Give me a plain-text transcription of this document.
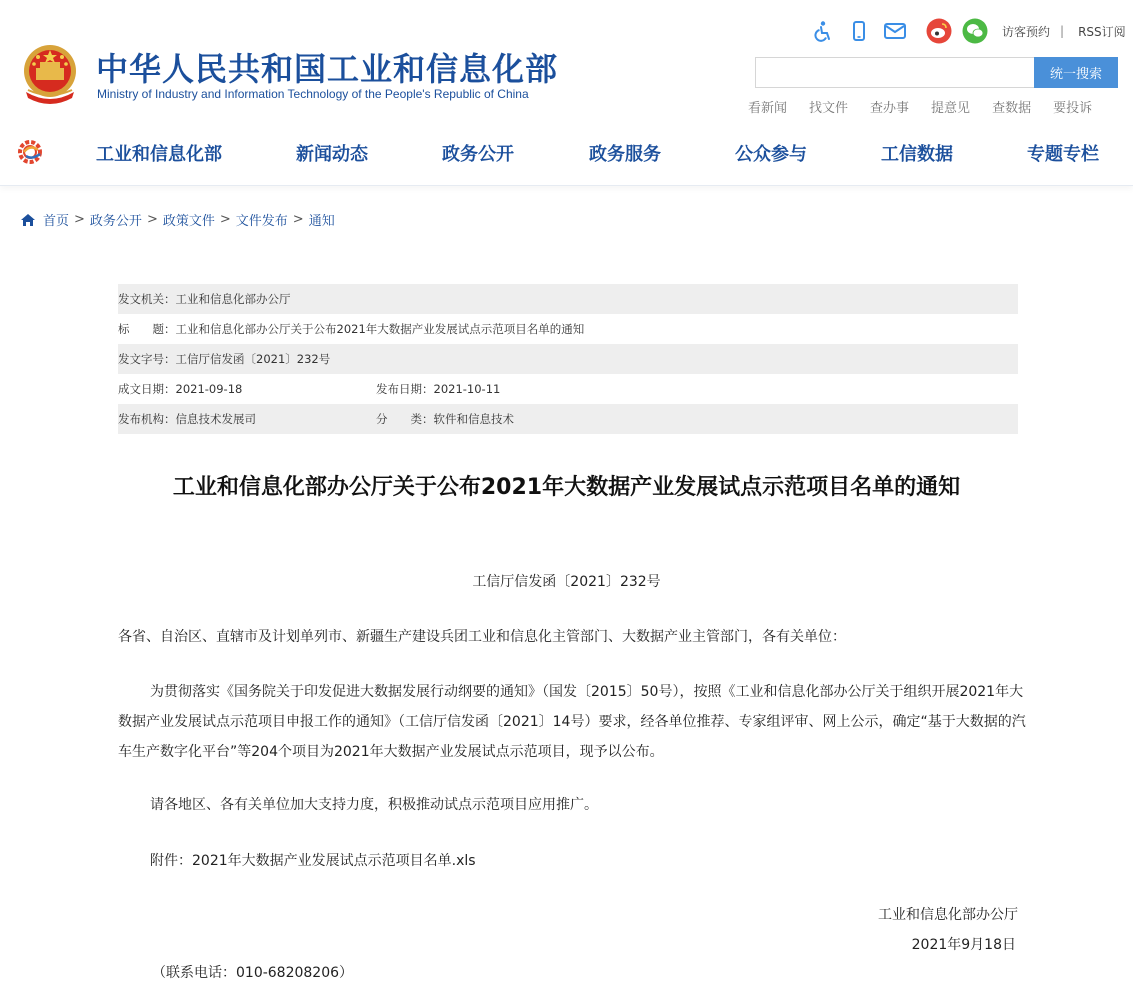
中华人民共和国工业和信息化部
Ministry of Industry and Information Technology of the People's Republic of China
访客预约 | RSS订阅
统一搜索
看新闻 找文件 查办事 提意见 查数据 要投诉
工业和信息化部	新闻动态	政务公开	政务服务	公众参与	工信数据	专题专栏
首页 > 政务公开 > 政策文件 > 文件发布 > 通知
发文机关： 工业和信息化部办公厅
标　　题： 工业和信息化部办公厅关于公布2021年大数据产业发展试点示范项目名单的通知
发文字号： 工信厅信发函〔2021〕232号
成文日期： 2021-09-18	发布日期： 2021-10-11
发布机构： 信息技术发展司	分　　类： 软件和信息技术
工业和信息化部办公厅关于公布2021年大数据产业发展试点示范项目名单的通知
工信厅信发函〔2021〕232号
各省、自治区、直辖市及计划单列市、新疆生产建设兵团工业和信息化主管部门、大数据产业主管部门，各有关单位：
为贯彻落实《国务院关于印发促进大数据发展行动纲要的通知》（国发〔2015〕50号），按照《工业和信息化部办公厅关于组织开展2021年大数据产业发展试点示范项目申报工作的通知》（工信厅信发函〔2021〕14号）要求，经各单位推荐、专家组评审、网上公示，确定“基于大数据的汽车生产数字化平台”等204个项目为2021年大数据产业发展试点示范项目，现予以公布。
请各地区、各有关单位加大支持力度，积极推动试点示范项目应用推广。
附件：2021年大数据产业发展试点示范项目名单.xls
工业和信息化部办公厅
2021年9月18日
（联系电话：010-68208206）
